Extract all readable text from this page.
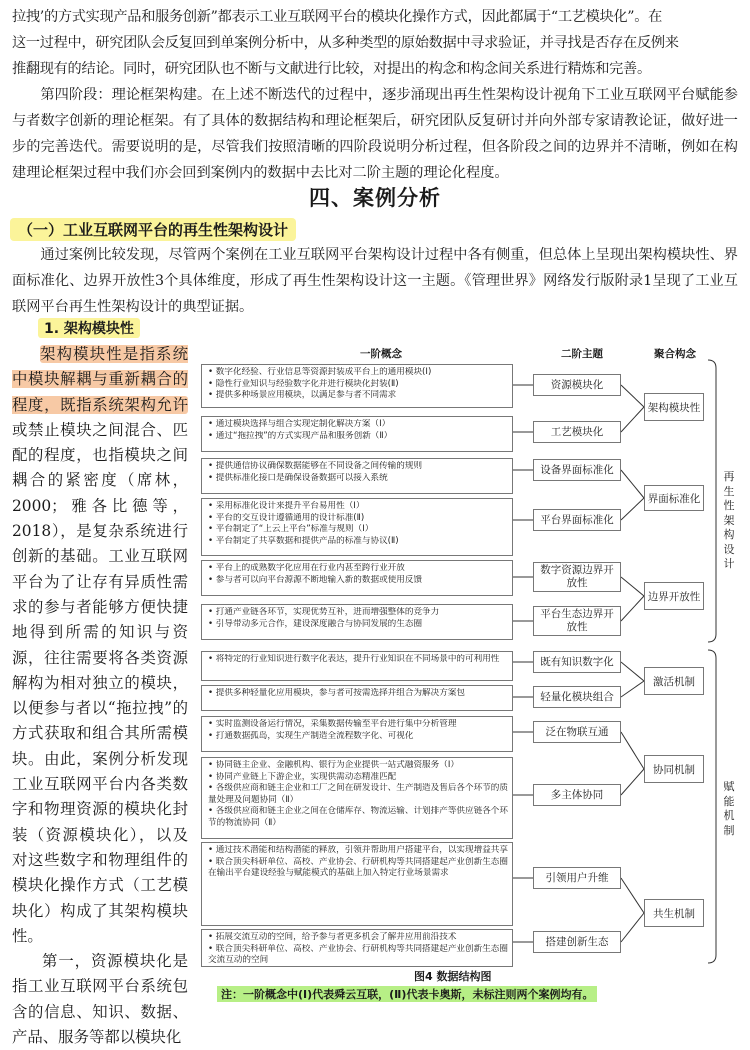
拉拽’的方式实现产品和服务创新”都表示工业互联网平台的模块化操作方式，因此都属于“工艺模块化”。在
这一过程中，研究团队会反复回到单案例分析中，从多种类型的原始数据中寻求验证，并寻找是否存在反例来
推翻现有的结论。同时，研究团队也不断与文献进行比较，对提出的构念和构念间关系进行精炼和完善。

第四阶段：理论框架构建。在上述不断迭代的过程中，逐步涌现出再生性架构设计视角下工业互联网平台赋能参与者数字创新的理论框架。有了具体的数据结构和理论框架后，研究团队反复研讨并向外部专家请教论证，做好进一步的完善迭代。需要说明的是，尽管我们按照清晰的四阶段说明分析过程，但各阶段之间的边界并不清晰，例如在构建理论框架过程中我们亦会回到案例内的数据中去比对二阶主题的理论化程度。

四、案例分析
（一）工业互联网平台的再生性架构设计

通过案例比较发现，尽管两个案例在工业互联网平台架构设计过程中各有侧重，但总体上呈现出架构模块性、界面标准化、边界开放性3个具体维度，形成了再生性架构设计这一主题。《管理世界》网络发行版附录1呈现了工业互联网平台再生性架构设计的典型证据。

1. 架构模块性
架构模块性是指系统中模块解耦与重新耦合的程度，既指系统架构允许或禁止模块之间混合、匹配的程度，也指模块之间耦合的紧密度（席林，2000；雅各比德等，2018），是复杂系统进行创新的基础。工业互联网平台为了让存有异质性需求的参与者能够方便快捷地得到所需的知识与资源，往往需要将各类资源解构为相对独立的模块，以便参与者以“拖拉拽”的方式获取和组合其所需模块。由此，案例分析发现工业互联网平台内各类数字和物理资源的模块化封装（资源模块化），以及对这些数字和物理组件的模块化操作方式（工艺模块化）构成了其架构模块性。
第一，资源模块化是指工业互联网平台系统包含的信息、知识、数据、产品、服务等都以模块化
一阶概念	二阶主题	聚合构念
• 数字化经验、行业信息等资源封装成平台上的通用模块(Ⅰ)
• 隐性行业知识与经验数字化并进行模块化封装(Ⅱ)
• 提供多种场景应用模块，以满足参与者不同需求
• 通过模块选择与组合实现定制化解决方案（Ⅰ）
• 通过“拖拉拽”的方式实现产品和服务创新（Ⅱ）
• 提供通信协议确保数据能够在不同设备之间传输的规则
• 提供标准化接口是确保设备数据可以接入系统
• 采用标准化设计来提升平台易用性（Ⅰ）
• 平台的交互设计遵循通用的设计标准(Ⅱ)
• 平台制定了“上云上平台”标准与规则（Ⅰ）
• 平台制定了共享数据和提供产品的标准与协议(Ⅱ)
• 平台上的成熟数字化应用在行业内甚至跨行业开放
• 参与者可以向平台源源不断地输入新的数据或使用反馈
• 打通产业链各环节，实现优势互补，进而增强整体的竞争力
• 引导带动多元合作，建设深度融合与协同发展的生态圈
• 将特定的行业知识进行数字化表达，提升行业知识在不同场景中的可利用性
• 提供多种轻量化应用模块，参与者可按需选择并组合为解决方案包
• 实时监测设备运行情况，采集数据传输至平台进行集中分析管理
• 打通数据孤岛，实现生产制造全流程数字化、可视化
• 协同链主企业、金融机构、银行为企业提供一站式融资服务（Ⅰ）
• 协同产业链上下游企业，实现供需动态精准匹配
• 各级供应商和链主企业和工厂之间在研发设计、生产制造及售后各个环节的质量处理及问题协同（Ⅱ）
• 各级供应商和链主企业之间在仓储库存、物流运输、计划排产等供应链各个环节的物流协同（Ⅱ）
• 通过技术潜能和结构潜能的释放，引领并帮助用户搭建平台，以实现增益共享
• 联合顶尖科研单位、高校、产业协会、行研机构等共同搭建起产业创新生态圈在输出平台建设经验与赋能模式的基础上加入特定行业场景需求
• 拓展交流互动的空间，给予参与者更多机会了解并应用前沿技术
• 联合顶尖科研单位、高校、产业协会、行研机构等共同搭建起产业创新生态圈交流互动的空间
资源模块化
工艺模块化
设备界面标准化
平台界面标准化
数字资源边界开放性
平台生态边界开放性
既有知识数字化
轻量化模块组合
泛在物联互通
多主体协同
引领用户升维
搭建创新生态
架构模块性
界面标准化
边界开放性
激活机制
协同机制
共生机制
再
生
性
架
构
设
计
赋
能
机
制
图4 数据结构图
注：一阶概念中(Ⅰ)代表舜云互联，(Ⅱ)代表卡奥斯，未标注则两个案例均有。
